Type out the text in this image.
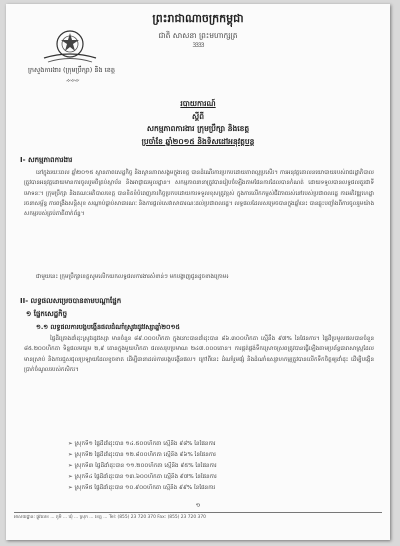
ព្រះរាជាណាចក្រកម្ពុជា
ជាតិ សាសនា ព្រះមហាក្សត្រ
3333
ក្រសួងការងារ (ក្រុមប្រឹក្សា) និង ខេត្ត
ᨀᨀᨀ
របាយការណ៍
ស្តីពី
សកម្មភាពការងារ ក្រុមប្រឹក្សា និងខេត្ត
ប្រចាំខែ ឆ្នាំ២០១៥ និងទិសដៅអនុវត្តបន្ត
I- សកម្មភាពការងារ
នៅក្នុងរយៈពេល ឆ្នាំ២០១៥ ស្ថានភាពសេដ្ឋកិច្ច និងស្ថានភាពសង្គមក្នុងខេត្ត បានដំណើរការប្រកបដោយភាពល្អប្រសើរ។ ការអនុវត្តគោលនយោបាយរបស់រាជរដ្ឋាភិបាល ត្រូវបានអនុវត្តដោយមានការចូលរួមពីគ្រប់ស្ថាប័ន និងអាជ្ញាធរមូលដ្ឋាន។ សកម្មភាពនានាត្រូវបានរៀបចំឡើងតាមផែនការដែលបានកំណត់ ដោយទទួលបានលទ្ធផលគួរជាទីមោទនៈ។ ក្រុមប្រឹក្សា និងគណៈអភិបាលខេត្ត បានខិតខំបំពេញភារកិច្ចប្រកបដោយការទទួលខុសត្រូវខ្ពស់ ក្នុងការលើកកម្ពស់ជីវភាពរស់នៅរបស់ប្រជាពលរដ្ឋ ការអភិវឌ្ឍហេដ្ឋារចនាសម្ព័ន្ធ ការពង្រឹងសន្តិសុខ សណ្តាប់ធ្នាប់សាធារណៈ និងការផ្តល់សេវាសាធារណៈដល់ប្រជាពលរដ្ឋ។ លទ្ធផលដែលសម្រេចបានក្នុងឆ្នាំនេះ បានឆ្លុះបញ្ចាំងពីការចូលរួមយ៉ាងសកម្មរបស់គ្រប់ភាគីពាក់ព័ន្ធ។
ជាមួយនេះ ក្រុមប្រឹក្សាខេត្តសូមលើកយកលទ្ធផលការងារសំខាន់ៗ មកបង្ហាញជូនដូចខាងក្រោម៖
II- លទ្ធផលសម្រេចបានតាមបណ្តាផ្នែក
១ ផ្នែកសេដ្ឋកិច្ច
១.១ លទ្ធផលការបង្កបង្កើនផលដំណាំស្រូវរដូវវស្សាឆ្នាំ២០១៥
ផ្ទៃដីគ្រោងដាំដុះស្រូវរដូវវស្សា មានចំនួន ៨៩.០០០ហិកតា ក្នុងនោះបានដាំដុះបាន ៨៦.៣០០ហិកតា ស្មើនឹង ៩៧% នៃផែនការ។ ផ្ទៃដីប្រមូលផលបានចំនួន ៨៥.២០០ហិកតា ទិន្នផលមធ្យម ២,៩ តោនក្នុងមួយហិកតា ផលសរុបប្រមាណ ២៤៧.០០០តោន។ ការផ្គត់ផ្គង់ទឹកស្រោចស្រពត្រូវបានធ្វើឡើងតាមប្រព័ន្ធធារាសាស្ត្រដែលមានស្រាប់ និងការជួសជុលប្រឡាយដែលខូចខាត ដើម្បីធានាដល់ការបង្កបង្កើនផល។ ក្រៅពីនេះ ដំណាំរួមផ្សំ និងដំណាំឧស្សាហកម្មត្រូវបានលើកទឹកចិត្តឲ្យដាំដុះ ដើម្បីបង្កើនប្រាក់ចំណូលរបស់កសិករ។
➢ ស្រុកទី១ ផ្ទៃដីដាំដុះបាន ១៤.៥០០ហិកតា ស្មើនឹង ៩៨% នៃផែនការ
➢ ស្រុកទី២ ផ្ទៃដីដាំដុះបាន ១២.៨០០ហិកតា ស្មើនឹង ៩៦% នៃផែនការ
➢ ស្រុកទី៣ ផ្ទៃដីដាំដុះបាន ១១.២០០ហិកតា ស្មើនឹង ៩៥% នៃផែនការ
➢ ស្រុកទី៤ ផ្ទៃដីដាំដុះបាន ១៣.៦០០ហិកតា ស្មើនឹង ៩៧% នៃផែនការ
➢ ស្រុកទី៥ ផ្ទៃដីដាំដុះបាន ១០.៩០០ហិកតា ស្មើនឹង ៩៩% នៃផែនការ
១
អាសយដ្ឋាន: ផ្លូវលេខ ... ភូមិ ... ឃុំ ... ស្រុក ... ខេត្ត ... Tel: (855) 23 720 370 Fax: (855) 23 720 370
